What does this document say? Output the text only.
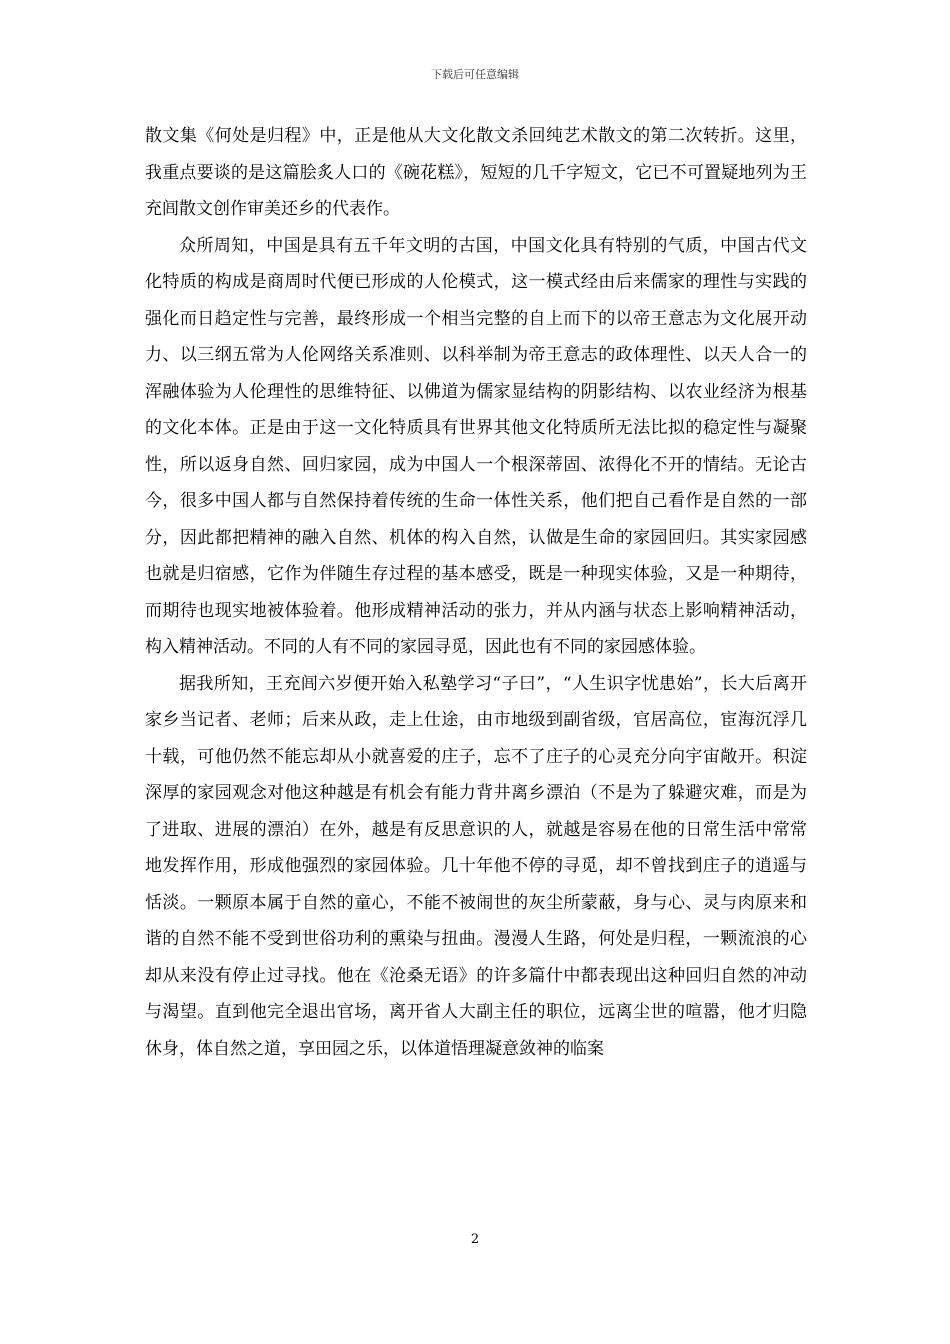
下载后可任意编辑

散文集《何处是归程》中，正是他从大文化散文杀回纯艺术散文的第二次转折。这里，我重点要谈的是这篇脍炙人口的《碗花糕》，短短的几千字短文，它已不可置疑地列为王充闾散文创作审美还乡的代表作。

众所周知，中国是具有五千年文明的古国，中国文化具有特别的气质，中国古代文化特质的构成是商周时代便已形成的人伦模式，这一模式经由后来儒家的理性与实践的强化而日趋定性与完善，最终形成一个相当完整的自上而下的以帝王意志为文化展开动力、以三纲五常为人伦网络关系准则、以科举制为帝王意志的政体理性、以天人合一的浑融体验为人伦理性的思维特征、以佛道为儒家显结构的阴影结构、以农业经济为根基的文化本体。正是由于这一文化特质具有世界其他文化特质所无法比拟的稳定性与凝聚性，所以返身自然、回归家园，成为中国人一个根深蒂固、浓得化不开的情结。无论古今，很多中国人都与自然保持着传统的生命一体性关系，他们把自己看作是自然的一部分，因此都把精神的融入自然、机体的构入自然，认做是生命的家园回归。其实家园感也就是归宿感，它作为伴随生存过程的基本感受，既是一种现实体验，又是一种期待，而期待也现实地被体验着。他形成精神活动的张力，并从内涵与状态上影响精神活动，构入精神活动。不同的人有不同的家园寻觅，因此也有不同的家园感体验。

据我所知，王充闾六岁便开始入私塾学习“子曰”，“人生识字忧患始”，长大后离开家乡当记者、老师；后来从政，走上仕途，由市地级到副省级，官居高位，宦海沉浮几十载，可他仍然不能忘却从小就喜爱的庄子，忘不了庄子的心灵充分向宇宙敞开。积淀深厚的家园观念对他这种越是有机会有能力背井离乡漂泊（不是为了躲避灾难，而是为了进取、进展的漂泊）在外，越是有反思意识的人，就越是容易在他的日常生活中常常地发挥作用，形成他强烈的家园体验。几十年他不停的寻觅，却不曾找到庄子的逍遥与恬淡。一颗原本属于自然的童心，不能不被闹世的灰尘所蒙蔽，身与心、灵与肉原来和谐的自然不能不受到世俗功利的熏染与扭曲。漫漫人生路，何处是归程，一颗流浪的心却从来没有停止过寻找。他在《沧桑无语》的许多篇什中都表现出这种回归自然的冲动与渴望。直到他完全退出官场，离开省人大副主任的职位，远离尘世的喧嚣，他才归隐休身，体自然之道，享田园之乐，以体道悟理凝意敛神的临案

2
